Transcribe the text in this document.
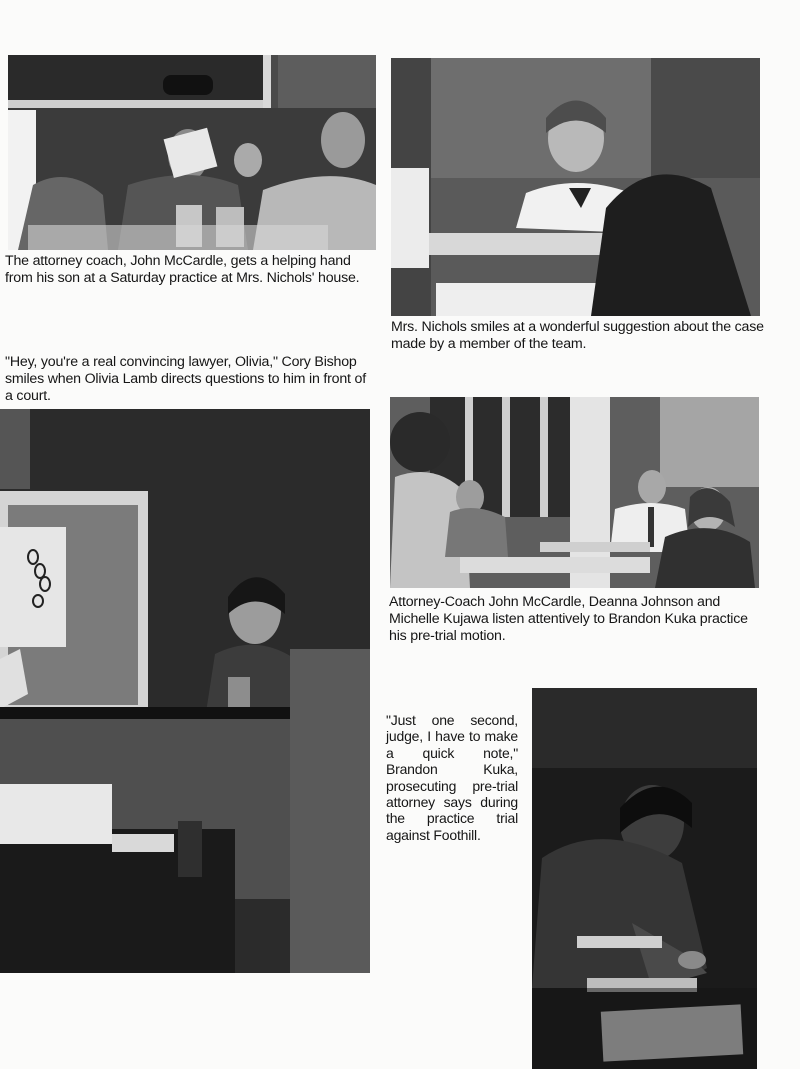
The attorney coach, John McCardle, gets a helping hand from his son at a Saturday practice at Mrs. Nichols' house.

Mrs. Nichols smiles at a wonderful suggestion about the case made by a member of the team.

"Hey, you're a real convincing lawyer, Olivia," Cory Bishop smiles when Olivia Lamb directs questions to him in front of a court.

Attorney-Coach John McCardle, Deanna Johnson and Michelle Kujawa listen attentively to Brandon Kuka practice his pre-trial motion.

"Just one second, judge, I have to make a quick note," Brandon Kuka, prosecuting pre-trial attorney says during the practice trial against Foothill.
